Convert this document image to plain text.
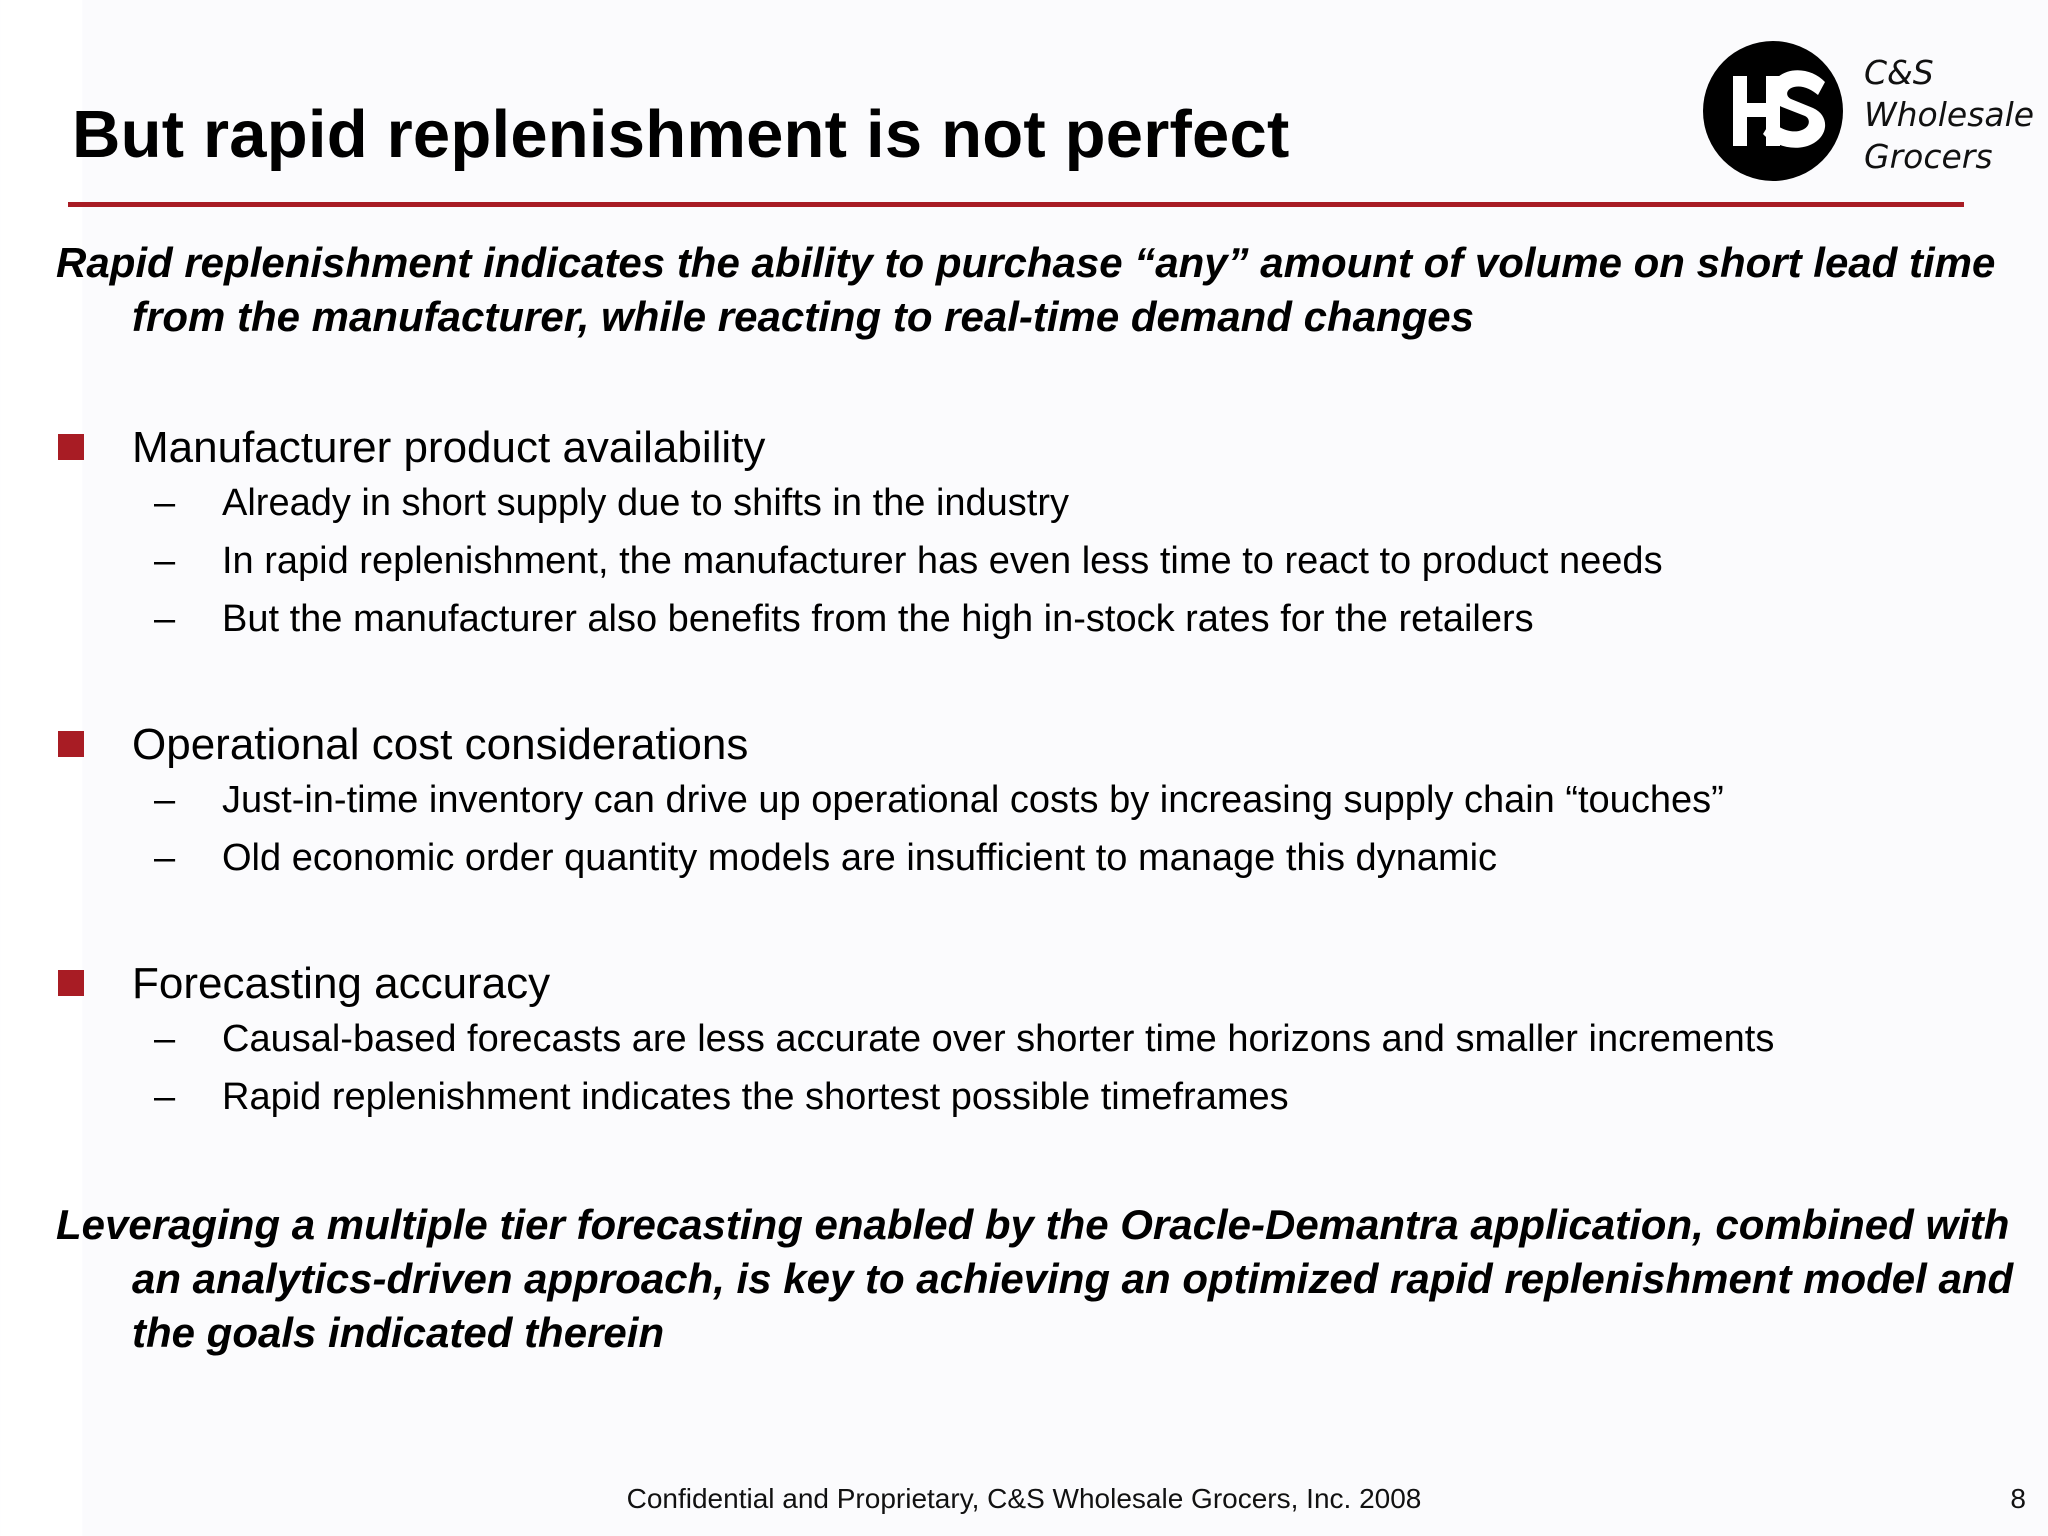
But rapid replenishment is not perfect
C&S
Wholesale
Grocers
Rapid replenishment indicates the ability to purchase “any” amount of volume on short lead time from the manufacturer, while reacting to real-time demand changes
Manufacturer product availability
– Already in short supply due to shifts in the industry
– In rapid replenishment, the manufacturer has even less time to react to product needs
– But the manufacturer also benefits from the high in-stock rates for the retailers
Operational cost considerations
– Just-in-time inventory can drive up operational costs by increasing supply chain “touches”
– Old economic order quantity models are insufficient to manage this dynamic
Forecasting accuracy
– Causal-based forecasts are less accurate over shorter time horizons and smaller increments
– Rapid replenishment indicates the shortest possible timeframes
Leveraging a multiple tier forecasting enabled by the Oracle-Demantra application, combined with an analytics-driven approach, is key to achieving an optimized rapid replenishment model and the goals indicated therein
Confidential and Proprietary, C&S Wholesale Grocers, Inc. 2008	8
